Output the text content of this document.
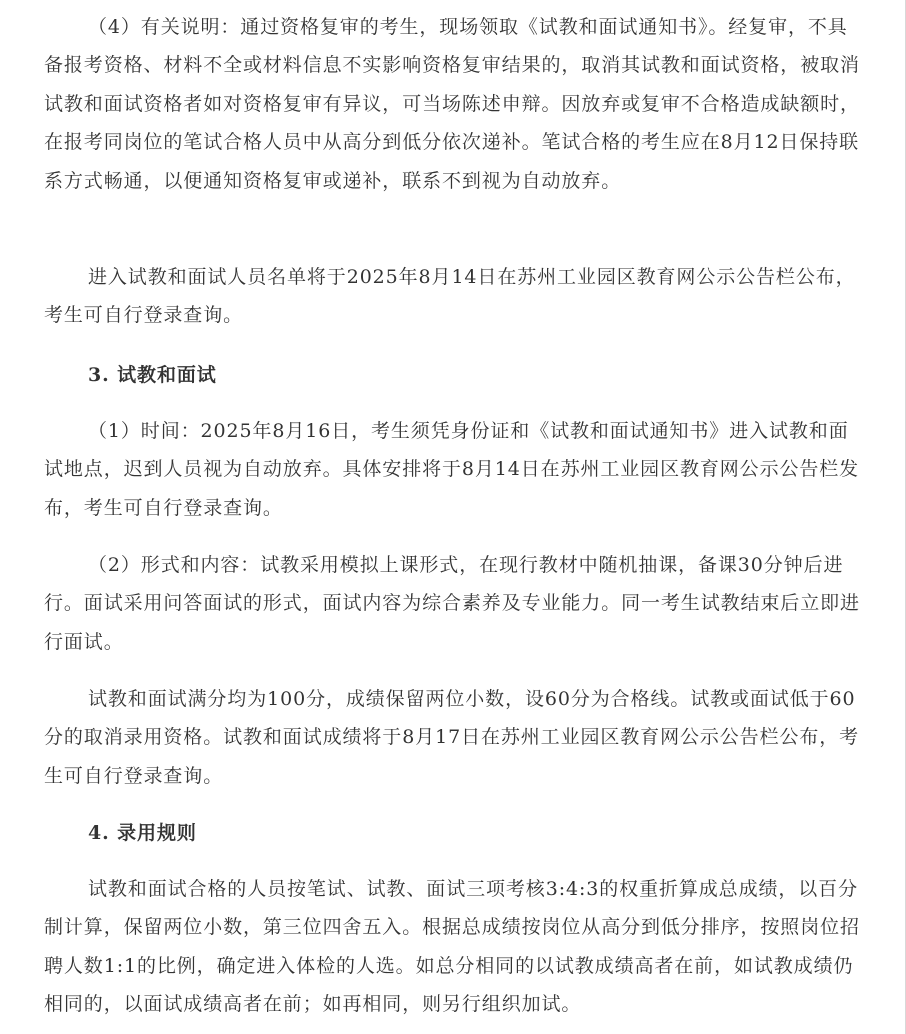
（4）有关说明：通过资格复审的考生，现场领取《试教和面试通知书》。经复审，不具备报考资格、材料不全或材料信息不实影响资格复审结果的，取消其试教和面试资格，被取消试教和面试资格者如对资格复审有异议，可当场陈述申辩。因放弃或复审不合格造成缺额时，在报考同岗位的笔试合格人员中从高分到低分依次递补。笔试合格的考生应在8月12日保持联系方式畅通，以便通知资格复审或递补，联系不到视为自动放弃。

进入试教和面试人员名单将于2025年8月14日在苏州工业园区教育网公示公告栏公布，考生可自行登录查询。

3. 试教和面试

（1）时间：2025年8月16日，考生须凭身份证和《试教和面试通知书》进入试教和面试地点，迟到人员视为自动放弃。具体安排将于8月14日在苏州工业园区教育网公示公告栏发布，考生可自行登录查询。

（2）形式和内容：试教采用模拟上课形式，在现行教材中随机抽课，备课30分钟后进行。面试采用问答面试的形式，面试内容为综合素养及专业能力。同一考生试教结束后立即进行面试。

试教和面试满分均为100分，成绩保留两位小数，设60分为合格线。试教或面试低于60分的取消录用资格。试教和面试成绩将于8月17日在苏州工业园区教育网公示公告栏公布，考生可自行登录查询。

4. 录用规则

试教和面试合格的人员按笔试、试教、面试三项考核3:4:3的权重折算成总成绩，以百分制计算，保留两位小数，第三位四舍五入。根据总成绩按岗位从高分到低分排序，按照岗位招聘人数1:1的比例，确定进入体检的人选。如总分相同的以试教成绩高者在前，如试教成绩仍相同的，以面试成绩高者在前；如再相同，则另行组织加试。
